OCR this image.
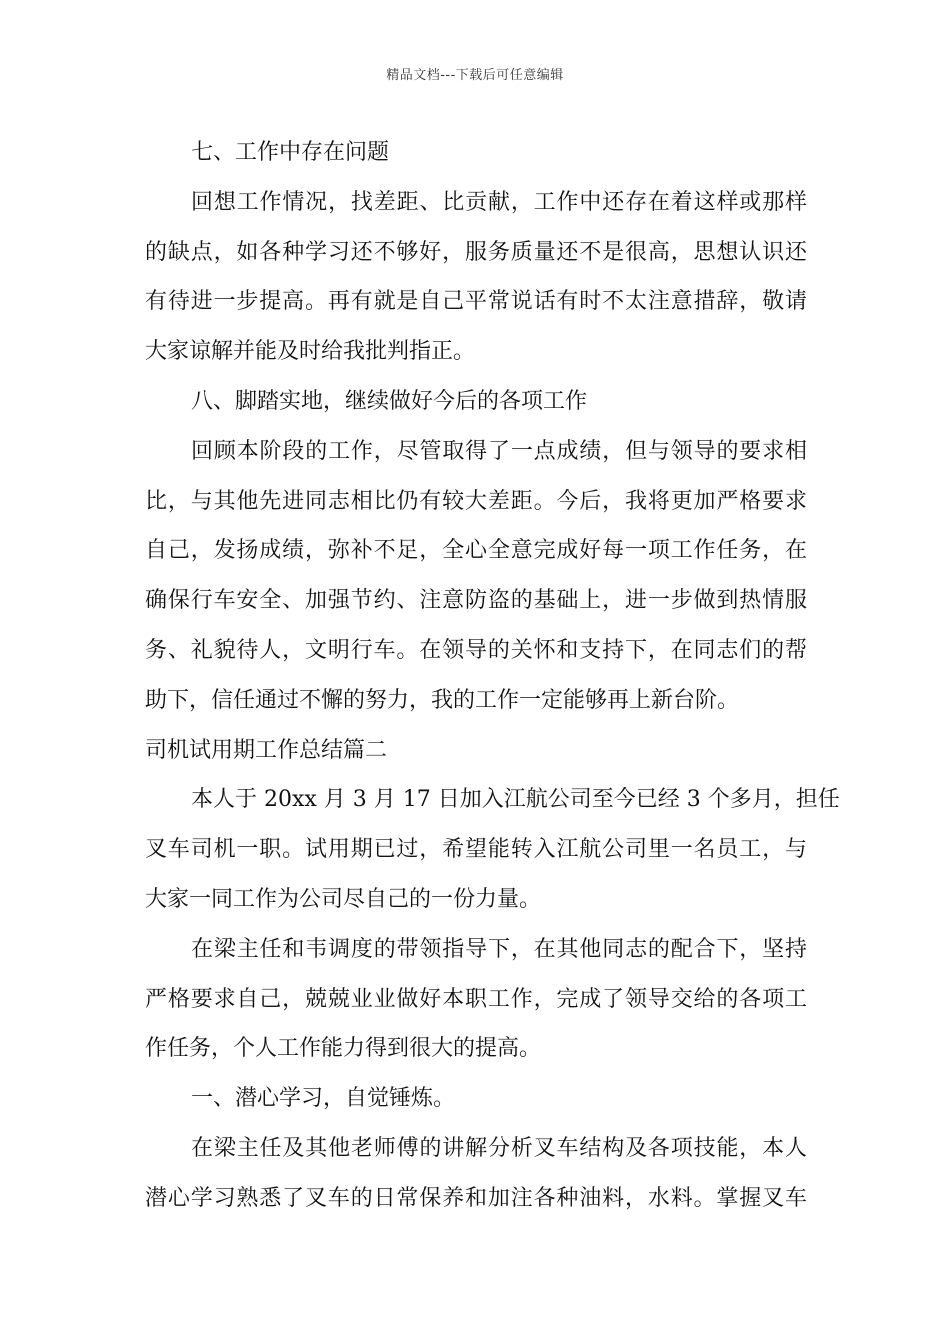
精品文档---下载后可任意编辑
七、工作中存在问题
回想工作情况，找差距、比贡献，工作中还存在着这样或那样
的缺点，如各种学习还不够好，服务质量还不是很高，思想认识还
有待进一步提高。再有就是自己平常说话有时不太注意措辞，敬请
大家谅解并能及时给我批判指正。
八、脚踏实地，继续做好今后的各项工作
回顾本阶段的工作，尽管取得了一点成绩，但与领导的要求相
比，与其他先进同志相比仍有较大差距。今后，我将更加严格要求
自己，发扬成绩，弥补不足，全心全意完成好每一项工作任务，在
确保行车安全、加强节约、注意防盗的基础上，进一步做到热情服
务、礼貌待人，文明行车。在领导的关怀和支持下，在同志们的帮
助下，信任通过不懈的努力，我的工作一定能够再上新台阶。
司机试用期工作总结篇二
本人于 20xx 月 3 月 17 日加入江航公司至今已经 3 个多月，担任
叉车司机一职。试用期已过，希望能转入江航公司里一名员工，与
大家一同工作为公司尽自己的一份力量。
在梁主任和韦调度的带领指导下，在其他同志的配合下，坚持
严格要求自己，兢兢业业做好本职工作，完成了领导交给的各项工
作任务，个人工作能力得到很大的提高。
一、潜心学习，自觉锤炼。
在梁主任及其他老师傅的讲解分析叉车结构及各项技能，本人
潜心学习熟悉了叉车的日常保养和加注各种油料，水料。掌握叉车
